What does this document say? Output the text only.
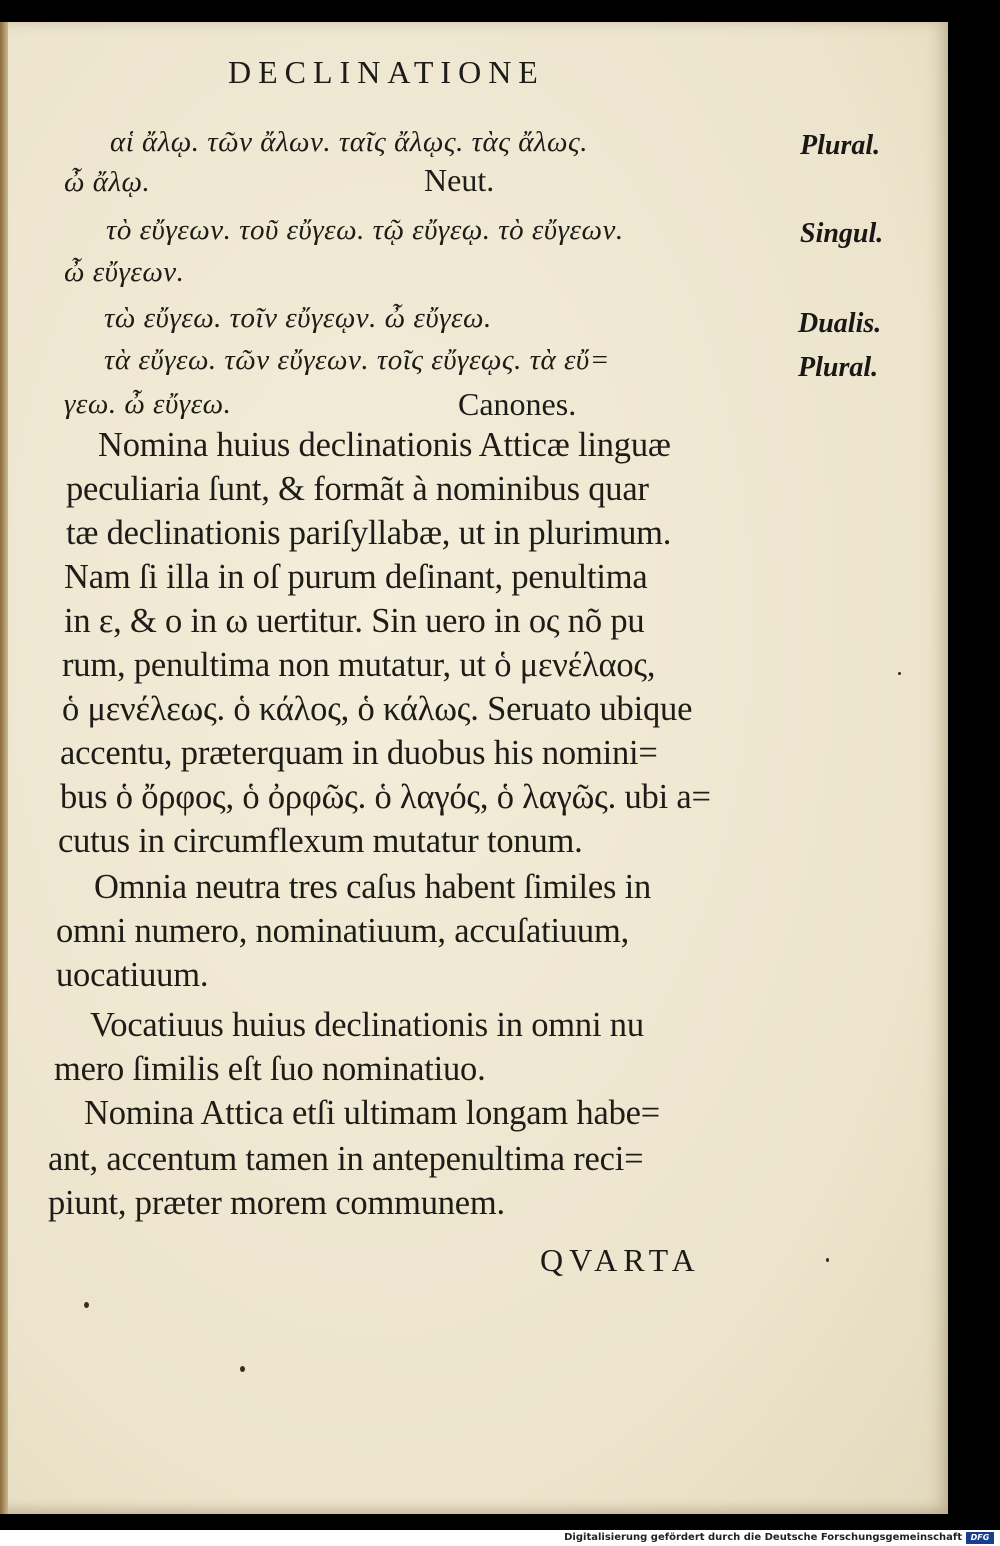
DECLINATIONE
αἱ ἄλῳ. τῶν ἄλων. ταῖς ἄλῳς. τὰς ἄλως.	Plural.
ὦ ἄλῳ.	Neut.
τὸ εὔγεων. τοῦ εὔγεω. τῷ εὔγεῳ. τὸ εὔγεων.	Singul.
ὦ εὔγεων.
τὼ εὔγεω. τοῖν εὔγεῳν. ὦ εὔγεω.	Dualis.
τὰ εὔγεω. τῶν εὔγεων. τοῖς εὔγεῳς. τὰ εὔ=	Plural.
γεω. ὦ εὔγεω.	Canones.
Nomina huius declinationis Atticæ linguæ
peculiaria ſunt, & formãt à nominibus quar
tæ declinationis pariſyllabæ, ut in plurimum.
Nam ſi illa in oſ purum deſinant, penultima
in ε, & ο in ω uertitur. Sin uero in ος nõ pu
rum, penultima non mutatur, ut ὁ μενέλαος,
ὁ μενέλεως. ὁ κάλος, ὁ κάλως. Seruato ubique
accentu, præterquam in duobus his nomini=
bus ὁ ὄρφος, ὁ ὀρφῶς. ὁ λαγός, ὁ λαγῶς. ubi a=
cutus in circumflexum mutatur tonum.
Omnia neutra tres caſus habent ſimiles in
omni numero, nominatiuum, accuſatiuum,
uocatiuum.
Vocatiuus huius declinationis in omni nu
mero ſimilis eſt ſuo nominatiuo.
Nomina Attica etſi ultimam longam habe=
ant, accentum tamen in antepenultima reci=
piunt, præter morem communem.
QVARTA
Digitalisierung gefördert durch die Deutsche Forschungsgemeinschaft	DFG
